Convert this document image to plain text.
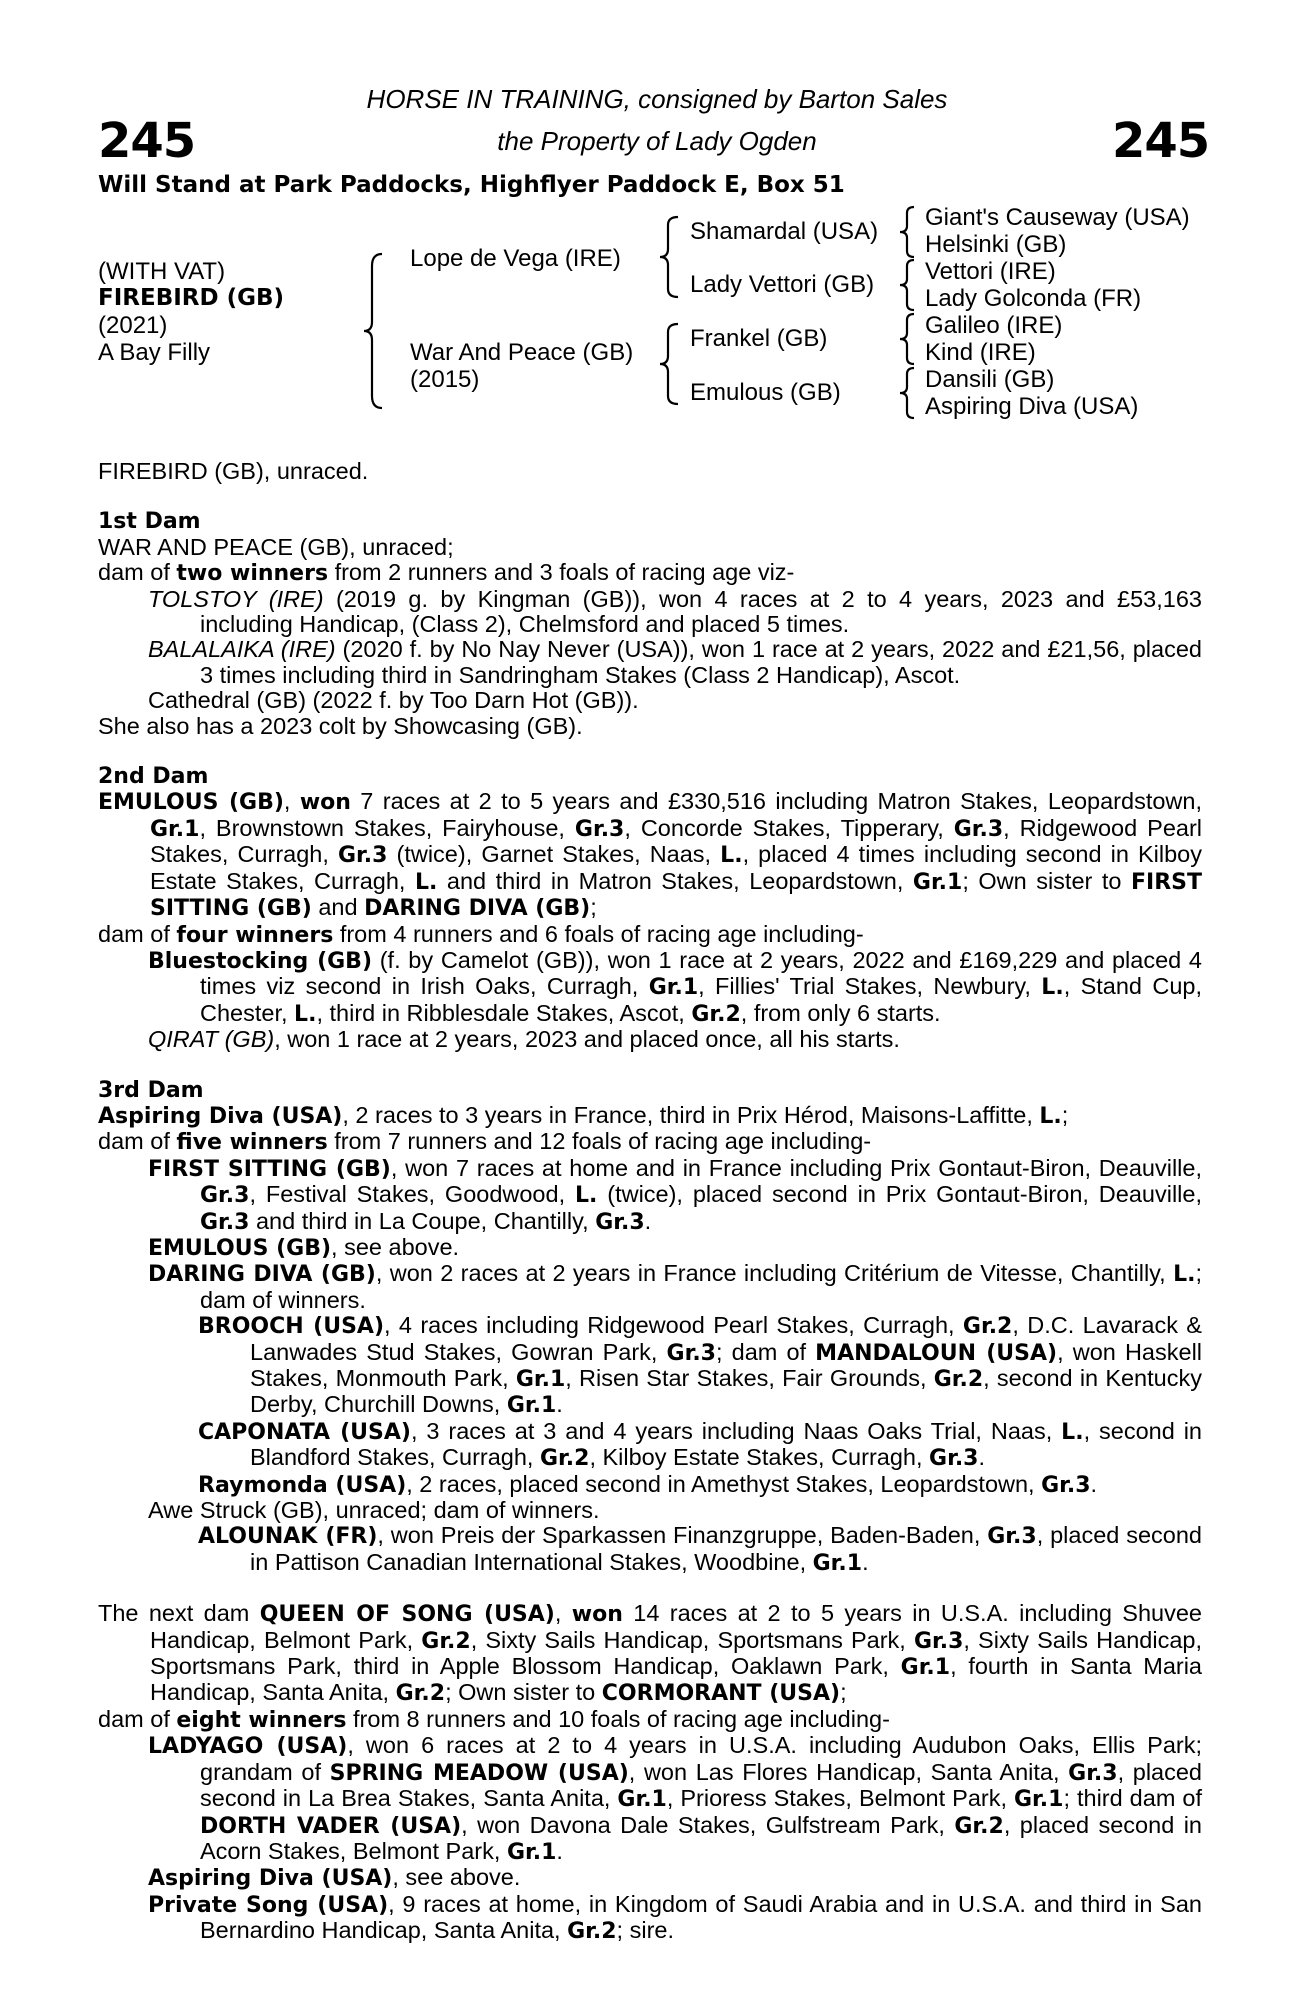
HORSE IN TRAINING, consigned by Barton Sales
the Property of Lady Ogden
245	245
Will Stand at Park Paddocks, Highflyer Paddock E, Box 51
(WITH VAT)
FIREBIRD (GB)
(2021)
A Bay Filly
Lope de Vega (IRE)
War And Peace (GB)
(2015)
Shamardal (USA)
Lady Vettori (GB)
Frankel (GB)
Emulous (GB)
Giant's Causeway (USA)
Helsinki (GB)
Vettori (IRE)
Lady Golconda (FR)
Galileo (IRE)
Kind (IRE)
Dansili (GB)
Aspiring Diva (USA)

FIREBIRD (GB), unraced.

1st Dam

WAR AND PEACE (GB), unraced;

dam of two winners from 2 runners and 3 foals of racing age viz-

TOLSTOY (IRE) (2019 g. by Kingman (GB)), won 4 races at 2 to 4 years, 2023 and £53,163 including Handicap, (Class 2), Chelmsford and placed 5 times.

BALALAIKA (IRE) (2020 f. by No Nay Never (USA)), won 1 race at 2 years, 2022 and £21,56, placed 3 times including third in Sandringham Stakes (Class 2 Handicap), Ascot.

Cathedral (GB) (2022 f. by Too Darn Hot (GB)).

She also has a 2023 colt by Showcasing (GB).

2nd Dam

EMULOUS (GB), won 7 races at 2 to 5 years and £330,516 including Matron Stakes, Leopardstown, Gr.1, Brownstown Stakes, Fairyhouse, Gr.3, Concorde Stakes, Tipperary, Gr.3, Ridgewood Pearl Stakes, Curragh, Gr.3 (twice), Garnet Stakes, Naas, L., placed 4 times including second in Kilboy Estate Stakes, Curragh, L. and third in Matron Stakes, Leopardstown, Gr.1; Own sister to FIRST SITTING (GB) and DARING DIVA (GB);

dam of four winners from 4 runners and 6 foals of racing age including-

Bluestocking (GB) (f. by Camelot (GB)), won 1 race at 2 years, 2022 and £169,229 and placed 4 times viz second in Irish Oaks, Curragh, Gr.1, Fillies' Trial Stakes, Newbury, L., Stand Cup, Chester, L., third in Ribblesdale Stakes, Ascot, Gr.2, from only 6 starts.

QIRAT (GB), won 1 race at 2 years, 2023 and placed once, all his starts.

3rd Dam

Aspiring Diva (USA), 2 races to 3 years in France, third in Prix Hérod, Maisons-Laffitte, L.;

dam of five winners from 7 runners and 12 foals of racing age including-

FIRST SITTING (GB), won 7 races at home and in France including Prix Gontaut-Biron, Deauville, Gr.3, Festival Stakes, Goodwood, L. (twice), placed second in Prix Gontaut-Biron, Deauville, Gr.3 and third in La Coupe, Chantilly, Gr.3.

EMULOUS (GB), see above.

DARING DIVA (GB), won 2 races at 2 years in France including Critérium de Vitesse, Chantilly, L.; dam of winners.

BROOCH (USA), 4 races including Ridgewood Pearl Stakes, Curragh, Gr.2, D.C. Lavarack & Lanwades Stud Stakes, Gowran Park, Gr.3; dam of MANDALOUN (USA), won Haskell Stakes, Monmouth Park, Gr.1, Risen Star Stakes, Fair Grounds, Gr.2, second in Kentucky Derby, Churchill Downs, Gr.1.

CAPONATA (USA), 3 races at 3 and 4 years including Naas Oaks Trial, Naas, L., second in Blandford Stakes, Curragh, Gr.2, Kilboy Estate Stakes, Curragh, Gr.3.

Raymonda (USA), 2 races, placed second in Amethyst Stakes, Leopardstown, Gr.3.

Awe Struck (GB), unraced; dam of winners.

ALOUNAK (FR), won Preis der Sparkassen Finanzgruppe, Baden-Baden, Gr.3, placed second in Pattison Canadian International Stakes, Woodbine, Gr.1.

The next dam QUEEN OF SONG (USA), won 14 races at 2 to 5 years in U.S.A. including Shuvee Handicap, Belmont Park, Gr.2, Sixty Sails Handicap, Sportsmans Park, Gr.3, Sixty Sails Handicap, Sportsmans Park, third in Apple Blossom Handicap, Oaklawn Park, Gr.1, fourth in Santa Maria Handicap, Santa Anita, Gr.2; Own sister to CORMORANT (USA);

dam of eight winners from 8 runners and 10 foals of racing age including-

LADYAGO (USA), won 6 races at 2 to 4 years in U.S.A. including Audubon Oaks, Ellis Park; grandam of SPRING MEADOW (USA), won Las Flores Handicap, Santa Anita, Gr.3, placed second in La Brea Stakes, Santa Anita, Gr.1, Prioress Stakes, Belmont Park, Gr.1; third dam of DORTH VADER (USA), won Davona Dale Stakes, Gulfstream Park, Gr.2, placed second in Acorn Stakes, Belmont Park, Gr.1.

Aspiring Diva (USA), see above.

Private Song (USA), 9 races at home, in Kingdom of Saudi Arabia and in U.S.A. and third in San Bernardino Handicap, Santa Anita, Gr.2; sire.
